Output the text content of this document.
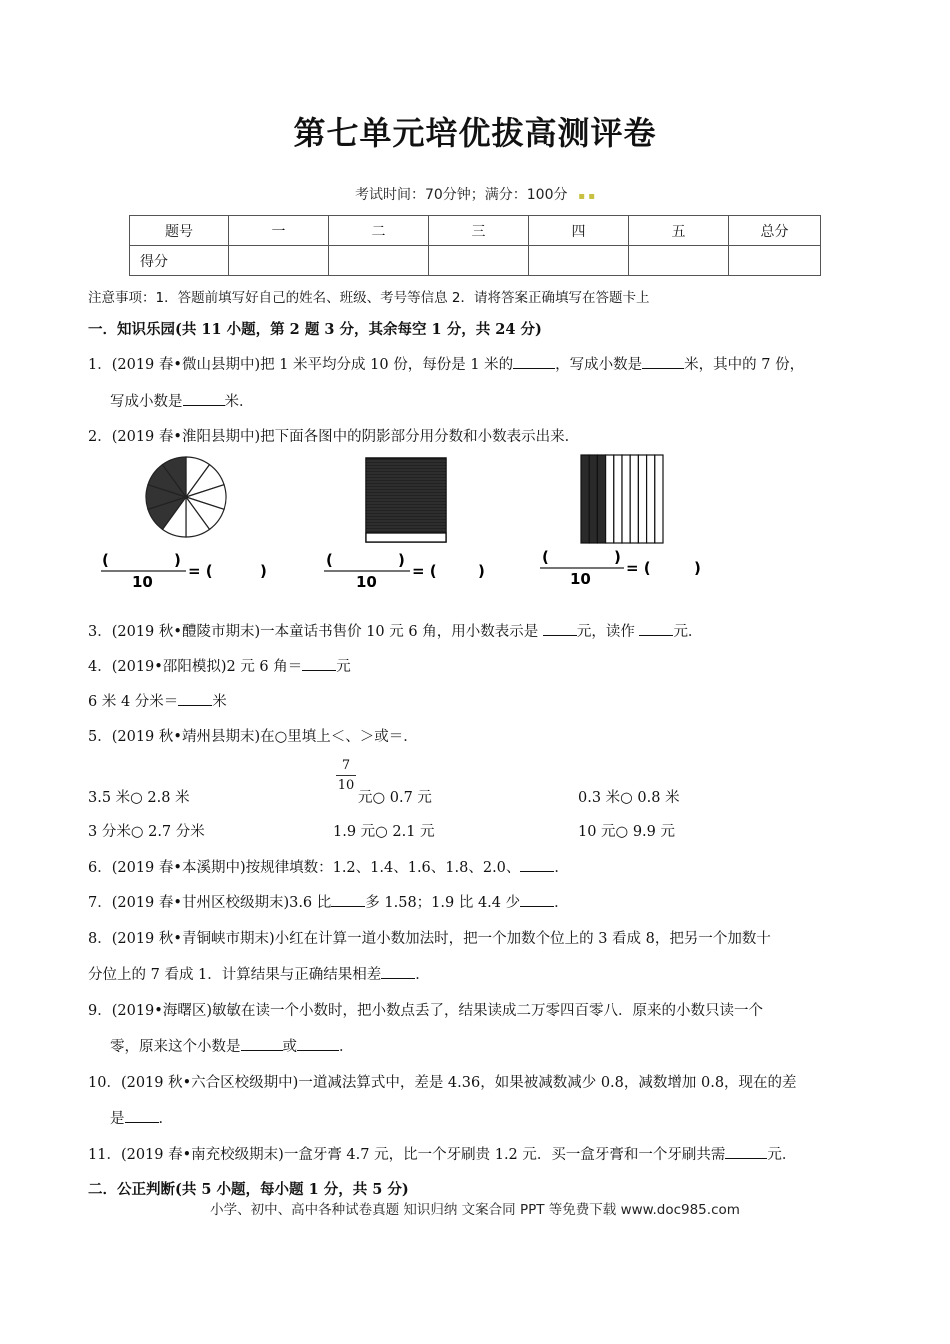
第七单元培优拔高测评卷
考试时间：70分钟；满分：100分   ▪ ▪
题号	一	二	三	四	五	总分
得分						
注意事项：1．答题前填写好自己的姓名、班级、考号等信息 2．请将答案正确填写在答题卡上
一．知识乐园(共 11 小题，第 2 题 3 分，其余每空 1 分，共 24 分)
1．(2019 春•微山县期中)把 1 米平均分成 10 份，每份是 1 米的	，写成小数是	米，其中的 7 份，
写成小数是	米．
2．(2019 春•淮阳县期中)把下面各图中的阴影部分用分数和小数表示出来．
(	)
10
= (	)
(	)
10
= (	)
(	)
10
= (	)
3．(2019 秋•醴陵市期末)一本童话书售价 10 元 6 角，用小数表示是	元，读作	元．
4．(2019•邵阳模拟)2 元 6 角＝ 元
6 米 4 分米＝ 米
5．(2019 秋•靖州县期末)在○里填上＜、＞或＝．
7
10
3.5 米○ 2.8 米	元○ 0.7 元	0.3 米○ 0.8 米
3 分米○ 2.7 分米	1.9 元○ 2.1 元	10 元○ 9.9 元
6．(2019 春•本溪期中)按规律填数：1.2、1.4、1.6、1.8、2.0、 ．
7．(2019 春•甘州区校级期末)3.6 比 多 1.58；1.9 比 4.4 少 ．
8．(2019 秋•青铜峡市期末)小红在计算一道小数加法时，把一个加数个位上的 3 看成 8，把另一个加数十
分位上的 7 看成 1．计算结果与正确结果相差 ．
9．(2019•海曙区)敏敏在读一个小数时，把小数点丢了，结果读成二万零四百零八．原来的小数只读一个
零，原来这个小数是	或	．
10．(2019 秋•六合区校级期中)一道减法算式中，差是 4.36，如果被减数减少 0.8，减数增加 0.8，现在的差
是 ．
11．(2019 春•南充校级期末)一盒牙膏 4.7 元，比一个牙刷贵 1.2 元．买一盒牙膏和一个牙刷共需	元．
二．公正判断(共 5 小题，每小题 1 分，共 5 分)
小学、初中、高中各种试卷真题 知识归纳 文案合同 PPT 等免费下载 www.doc985.com
